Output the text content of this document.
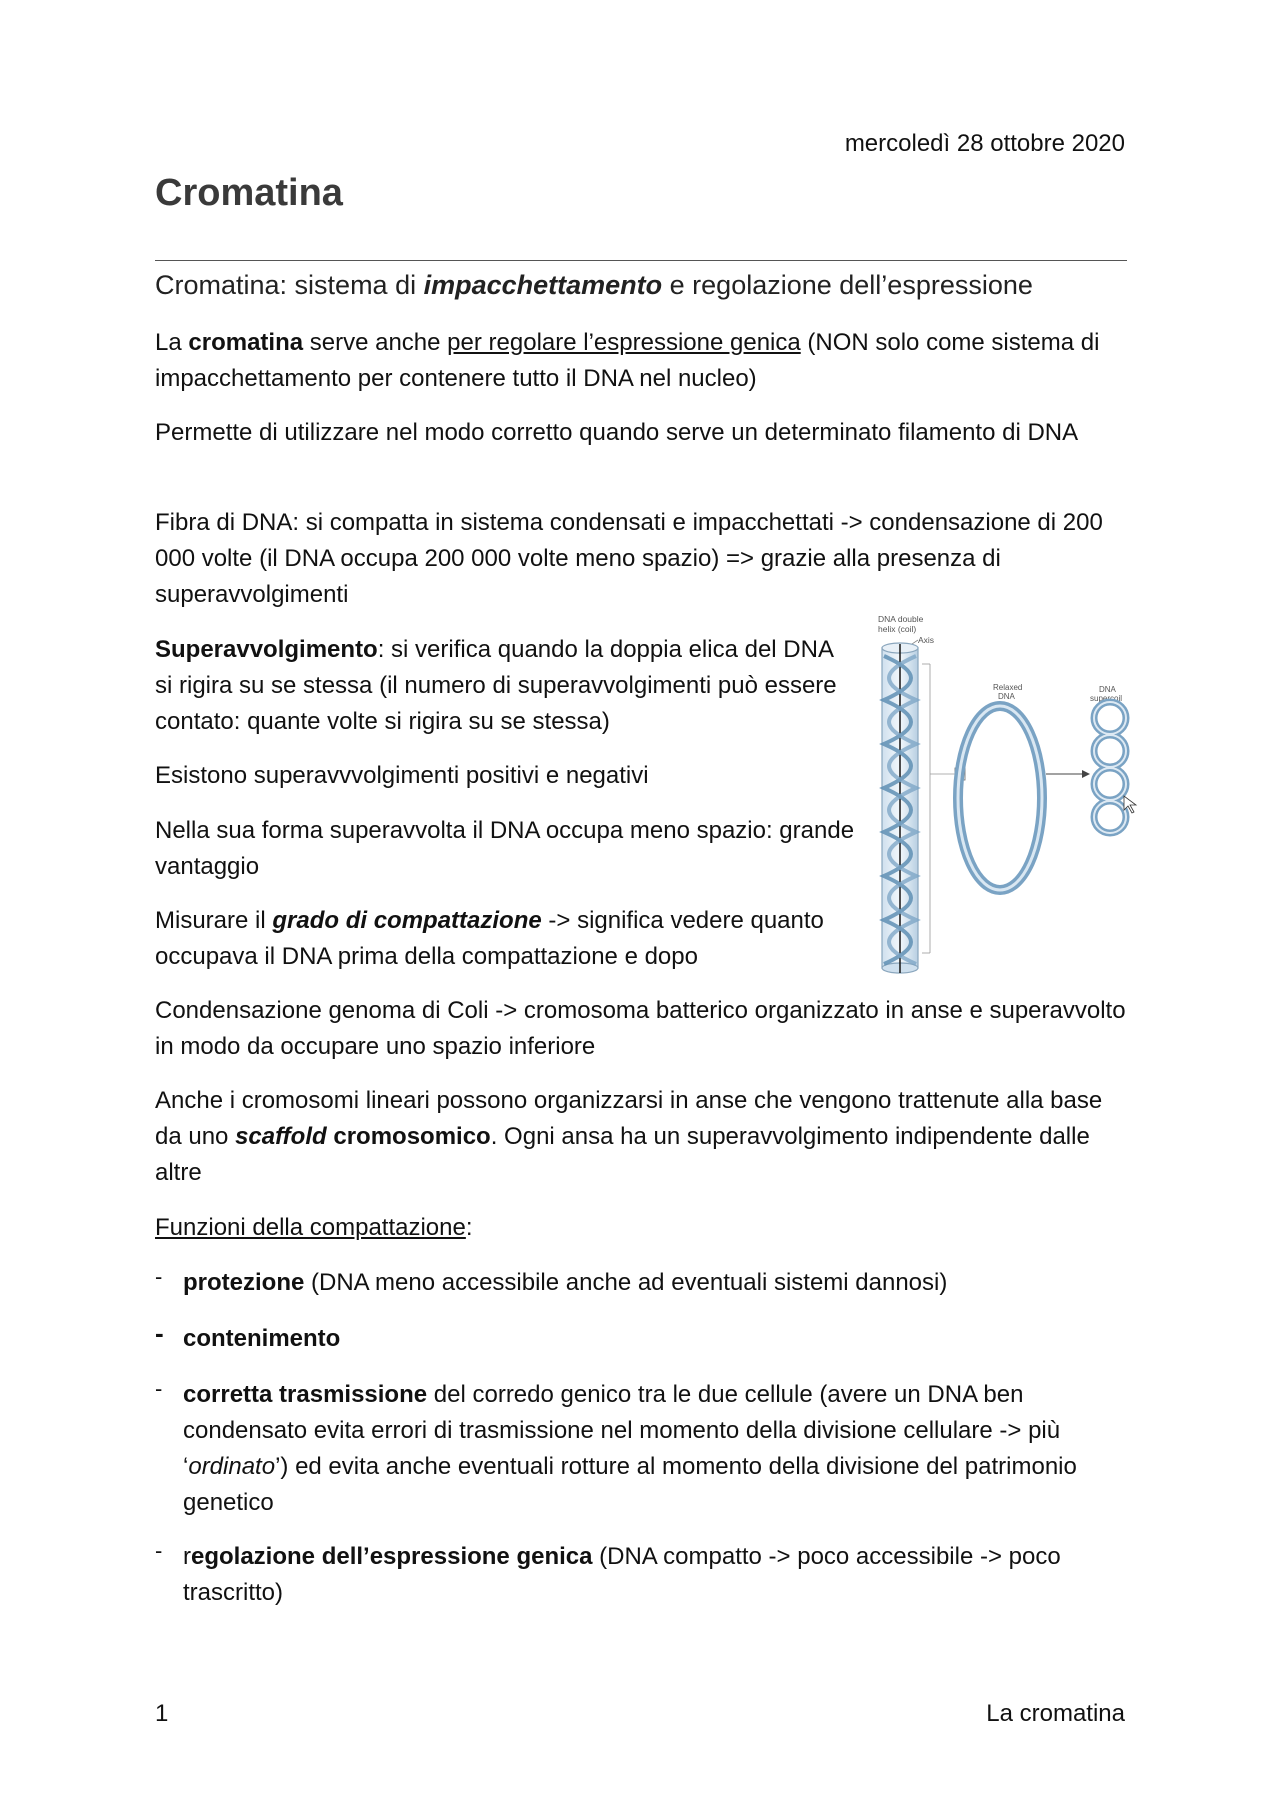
mercoledì 28 ottobre 2020
Cromatina
Cromatina: sistema di impacchettamento e regolazione dell’espressione

La cromatina serve anche per regolare l’espressione genica (NON solo come sistema di impacchettamento per contenere tutto il DNA nel nucleo)

Permette di utilizzare nel modo corretto quando serve un determinato filamento di DNA

Fibra di DNA: si compatta in sistema condensati e impacchettati -> condensazione di 200 000 volte (il DNA occupa 200 000 volte meno spazio) => grazie alla presenza di superavvolgimenti

Superavvolgimento: si verifica quando la doppia elica del DNA si rigira su se stessa (il numero di superavvolgimenti può essere contato: quante volte si rigira su se stessa)

Esistono superavvvolgimenti positivi e negativi

Nella sua forma superavvolta il DNA occupa meno spazio: grande vantaggio

Misurare il grado di compattazione -> significa vedere quanto occupava il DNA prima della compattazione e dopo

Condensazione genoma di Coli -> cromosoma batterico organizzato in anse e superavvolto in modo da occupare uno spazio inferiore

Anche i cromosomi lineari possono organizzarsi in anse che vengono trattenute alla base da uno scaffold cromosomico. Ogni ansa ha un superavvolgimento indipendente dalle altre

Funzioni della compattazione:

- protezione (DNA meno accessibile anche ad eventuali sistemi dannosi)

- contenimento

- corretta trasmissione del corredo genico tra le due cellule (avere un DNA ben condensato evita errori di trasmissione nel momento della divisione cellulare -> più ‘ordinato’) ed evita anche eventuali rotture al momento della divisione del patrimonio genetico

- regolazione dell’espressione genica (DNA compatto -> poco accessibile -> poco trascritto)

DNA double
helix (coil)
Axis
Relaxed
DNA
DNA
supercoil
1	La cromatina
